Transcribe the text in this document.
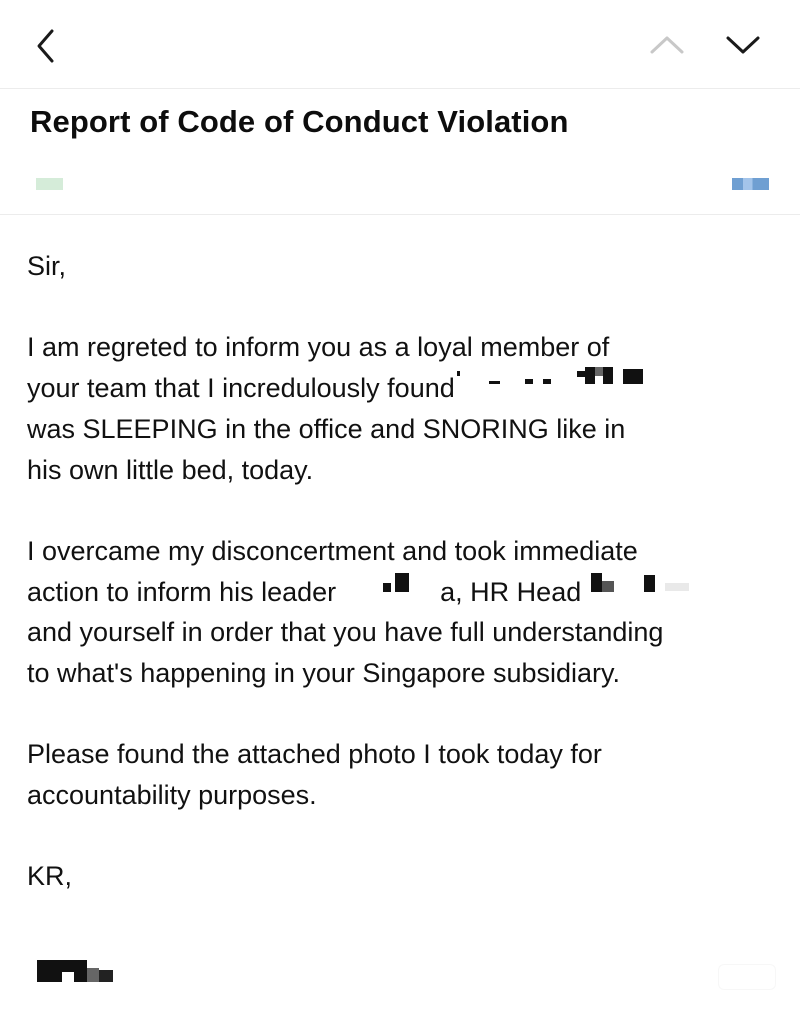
Report of Code of Conduct Violation

Sir,

I am regreted to inform you as a loyal member of
your team that I incredulously found
was SLEEPING in the office and SNORING like in
his own little bed, today.

I overcame my disconcertment and took immediate
action to inform his leader	a, HR Head
and yourself in order that you have full understanding
to what's happening in your Singapore subsidiary.

Please found the attached photo I took today for
accountability purposes.

KR,
